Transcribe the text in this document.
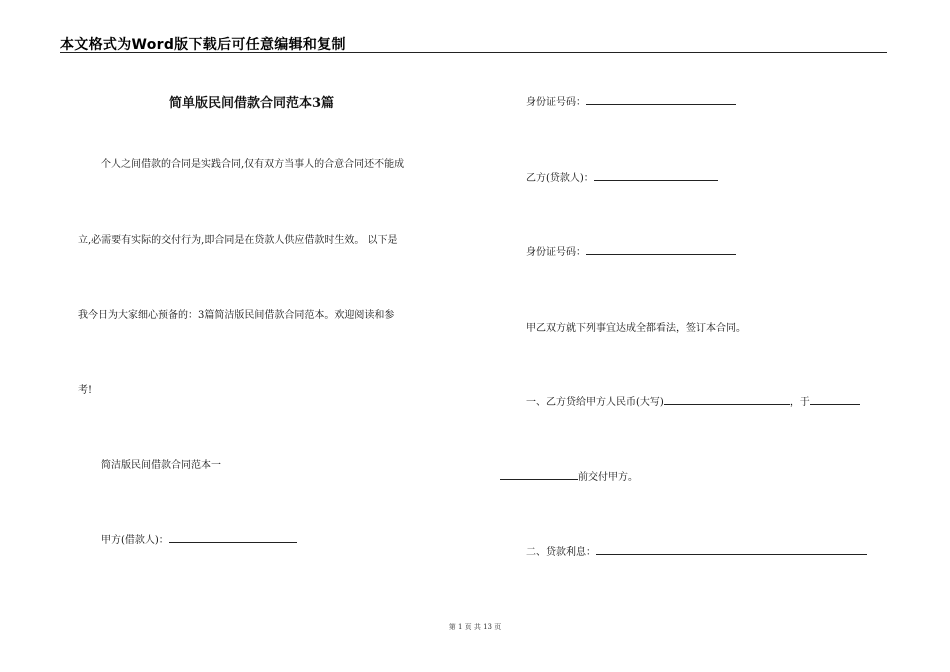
本文格式为Word版下载后可任意编辑和复制
简单版民间借款合同范本3篇
个人之间借款的合同是实践合同,仅有双方当事人的合意合同还不能成
立,必需要有实际的交付行为,即合同是在贷款人供应借款时生效。 以下是
我今日为大家细心预备的：3篇简洁版民间借款合同范本。欢迎阅读和参
考!
简洁版民间借款合同范本一
甲方(借款人)：
身份证号码：
乙方(贷款人)：
身份证号码：
甲乙双方就下列事宜达成全都看法，签订本合同。
一、乙方贷给甲方人民币(大写)	，于
前交付甲方。
二、贷款利息：
第 1 页 共 13 页
